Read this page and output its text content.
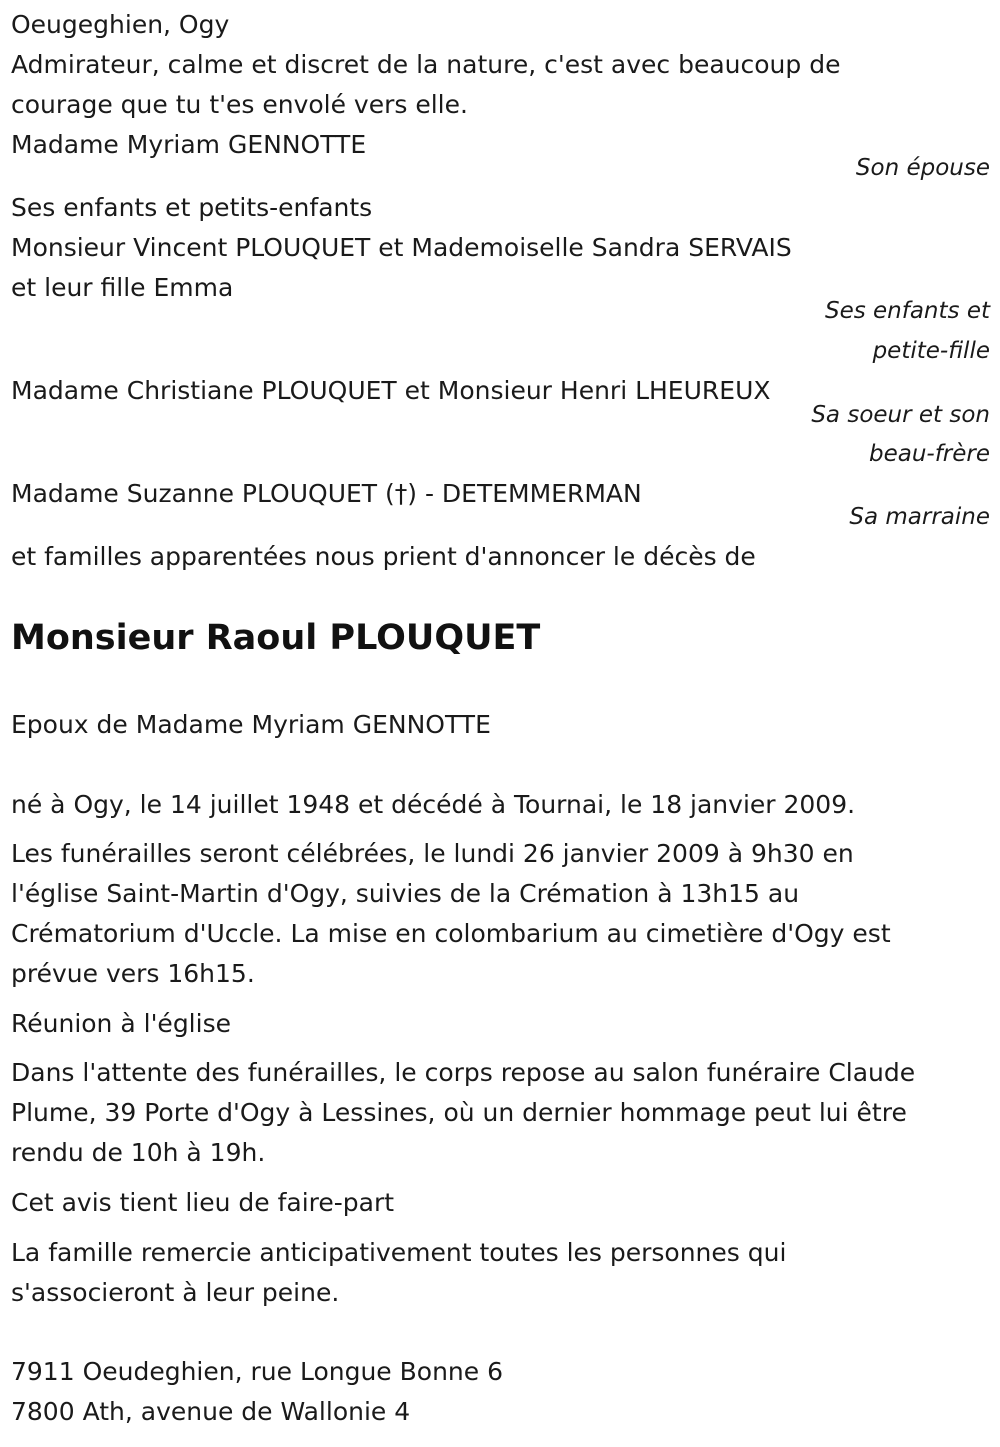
Oeugeghien, Ogy

Admirateur, calme et discret de la nature, c'est avec beaucoup de

courage que tu t'es envolé vers elle.

Madame Myriam GENNOTTE

Son épouse

Ses enfants et petits-enfants

Monsieur Vincent PLOUQUET et Mademoiselle Sandra SERVAIS

et leur fille Emma

Ses enfants et

petite-fille

Madame Christiane PLOUQUET et Monsieur Henri LHEUREUX

Sa soeur et son

beau-frère

Madame Suzanne PLOUQUET (†) - DETEMMERMAN

Sa marraine

et familles apparentées nous prient d'annoncer le décès de

Monsieur Raoul PLOUQUET

Epoux de Madame Myriam GENNOTTE

né à Ogy, le 14 juillet 1948 et décédé à Tournai, le 18 janvier 2009.

Les funérailles seront célébrées, le lundi 26 janvier 2009 à 9h30 en

l'église Saint-Martin d'Ogy, suivies de la Crémation à 13h15 au

Crématorium d'Uccle. La mise en colombarium au cimetière d'Ogy est

prévue vers 16h15.

Réunion à l'église

Dans l'attente des funérailles, le corps repose au salon funéraire Claude

Plume, 39 Porte d'Ogy à Lessines, où un dernier hommage peut lui être

rendu de 10h à 19h.

Cet avis tient lieu de faire-part

La famille remercie anticipativement toutes les personnes qui

s'associeront à leur peine.

7911 Oeudeghien, rue Longue Bonne 6

7800 Ath, avenue de Wallonie 4
